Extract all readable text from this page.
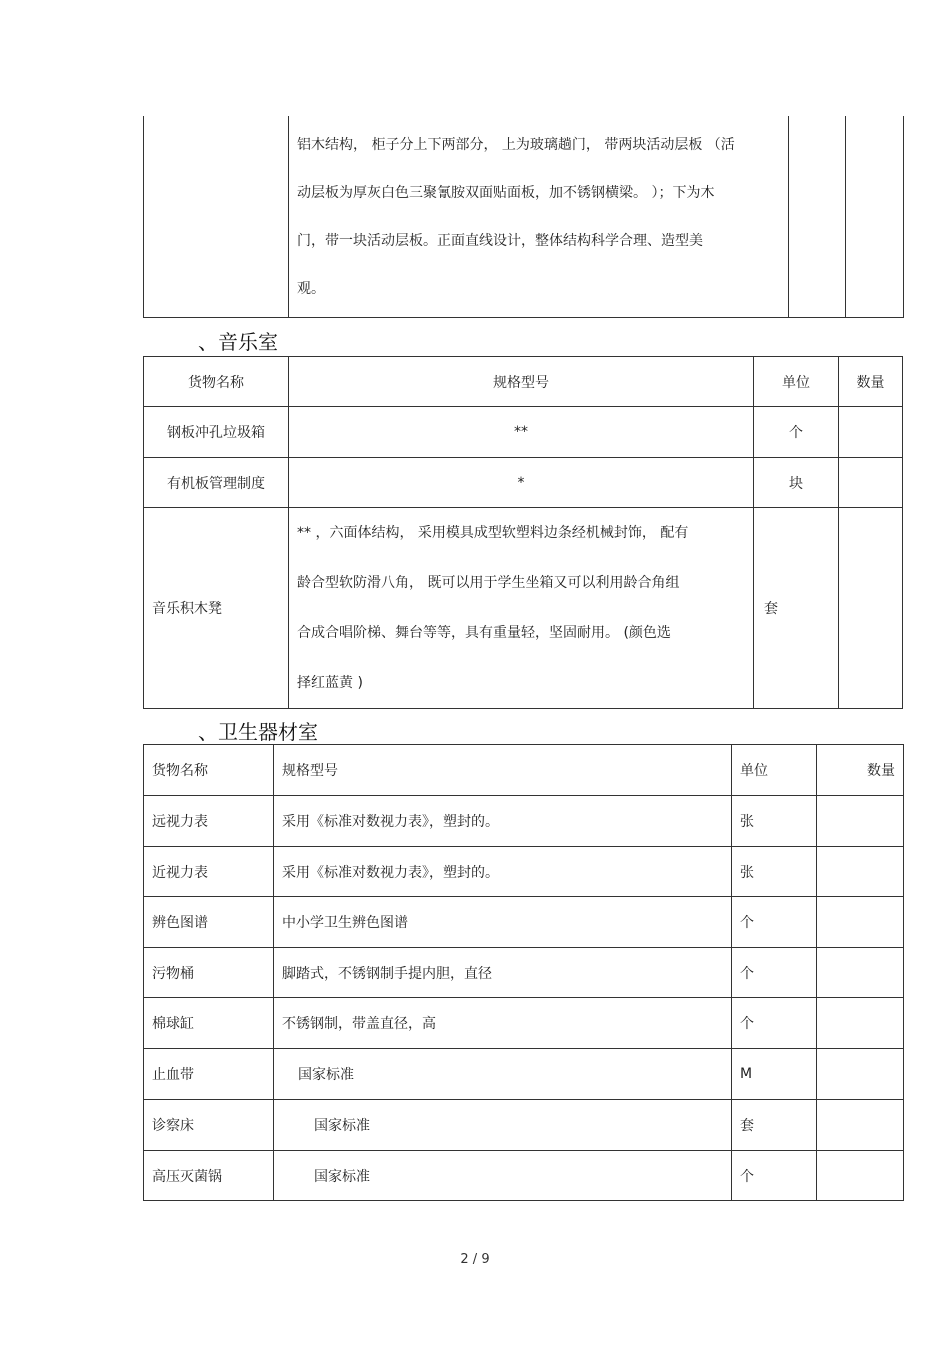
铝木结构， 柜子分上下两部分， 上为玻璃趟门， 带两块活动层板 （活
动层板为厚灰白色三聚氰胺双面贴面板，加不锈钢横梁。 ）；下为木
门，带一块活动层板。正面直线设计，整体结构科学合理、造型美
观。

、音乐室
货物名称	规格型号	单位	数量
钢板冲孔垃圾箱	**	个	
有机板管理制度	*	块	
音乐积木凳	** ，六面体结构， 采用模具成型软塑料边条经机械封饰， 配有
龄合型软防滑八角， 既可以用于学生坐箱又可以利用龄合角组
合成合唱阶梯、舞台等等，具有重量轻，坚固耐用。 (颜色选
择红蓝黄 )	套	
、卫生器材室
货物名称	规格型号	单位	数量
远视力表	采用《标准对数视力表》，塑封的。	张	
近视力表	采用《标准对数视力表》，塑封的。	张	
辨色图谱	中小学卫生辨色图谱	个	
污物桶	脚踏式，不锈钢制手提内胆，直径	个	
棉球缸	不锈钢制，带盖直径，高	个	
止血带	国家标准	M	
诊察床	国家标准	套	
高压灭菌锅	国家标准	个	
2 / 9
